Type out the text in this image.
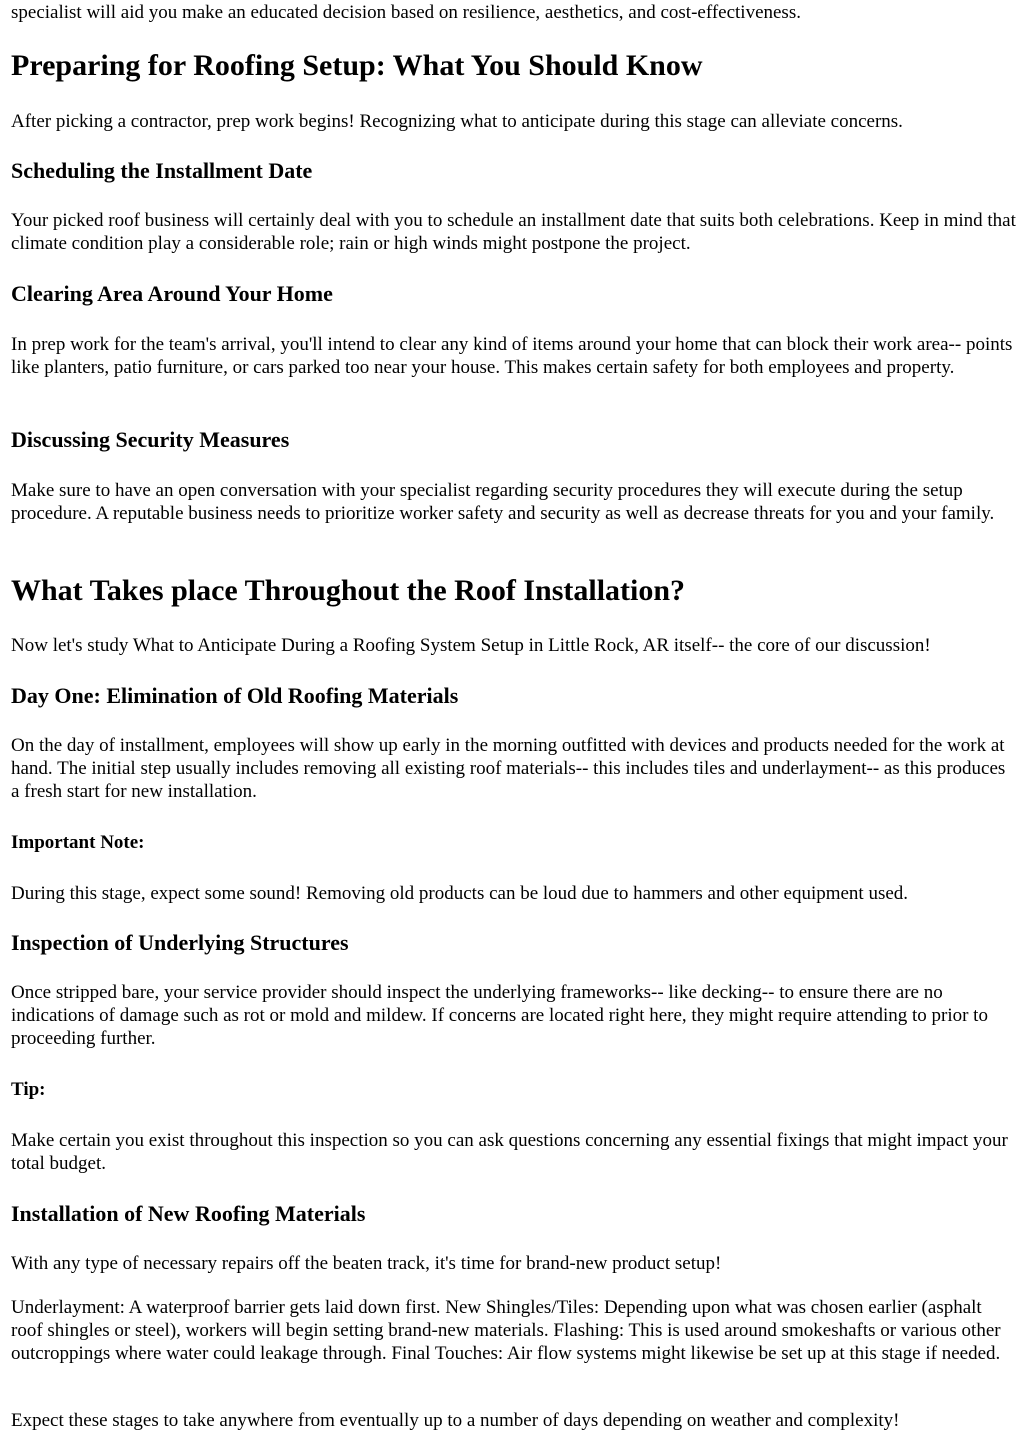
specialist will aid you make an educated decision based on resilience, aesthetics, and cost-effectiveness.

Preparing for Roofing Setup: What You Should Know

After picking a contractor, prep work begins! Recognizing what to anticipate during this stage can alleviate concerns.

Scheduling the Installment Date

Your picked roof business will certainly deal with you to schedule an installment date that suits both celebrations. Keep in mind that climate condition play a considerable role; rain or high winds might postpone the project.

Clearing Area Around Your Home

In prep work for the team's arrival, you'll intend to clear any kind of items around your home that can block their work area-- points like planters, patio furniture, or cars parked too near your house. This makes certain safety for both employees and property.

Discussing Security Measures

Make sure to have an open conversation with your specialist regarding security procedures they will execute during the setup procedure. A reputable business needs to prioritize worker safety and security as well as decrease threats for you and your family.

What Takes place Throughout the Roof Installation?

Now let's study What to Anticipate During a Roofing System Setup in Little Rock, AR itself-- the core of our discussion!

Day One: Elimination of Old Roofing Materials

On the day of installment, employees will show up early in the morning outfitted with devices and products needed for the work at hand. The initial step usually includes removing all existing roof materials-- this includes tiles and underlayment-- as this produces a fresh start for new installation.

Important Note:

During this stage, expect some sound! Removing old products can be loud due to hammers and other equipment used.

Inspection of Underlying Structures

Once stripped bare, your service provider should inspect the underlying frameworks-- like decking-- to ensure there are no indications of damage such as rot or mold and mildew. If concerns are located right here, they might require attending to prior to proceeding further.

Tip:

Make certain you exist throughout this inspection so you can ask questions concerning any essential fixings that might impact your total budget.

Installation of New Roofing Materials

With any type of necessary repairs off the beaten track, it's time for brand-new product setup!

Underlayment: A waterproof barrier gets laid down first. New Shingles/Tiles: Depending upon what was chosen earlier (asphalt roof shingles or steel), workers will begin setting brand-new materials. Flashing: This is used around smokeshafts or various other outcroppings where water could leakage through. Final Touches: Air flow systems might likewise be set up at this stage if needed.

Expect these stages to take anywhere from eventually up to a number of days depending on weather and complexity!
